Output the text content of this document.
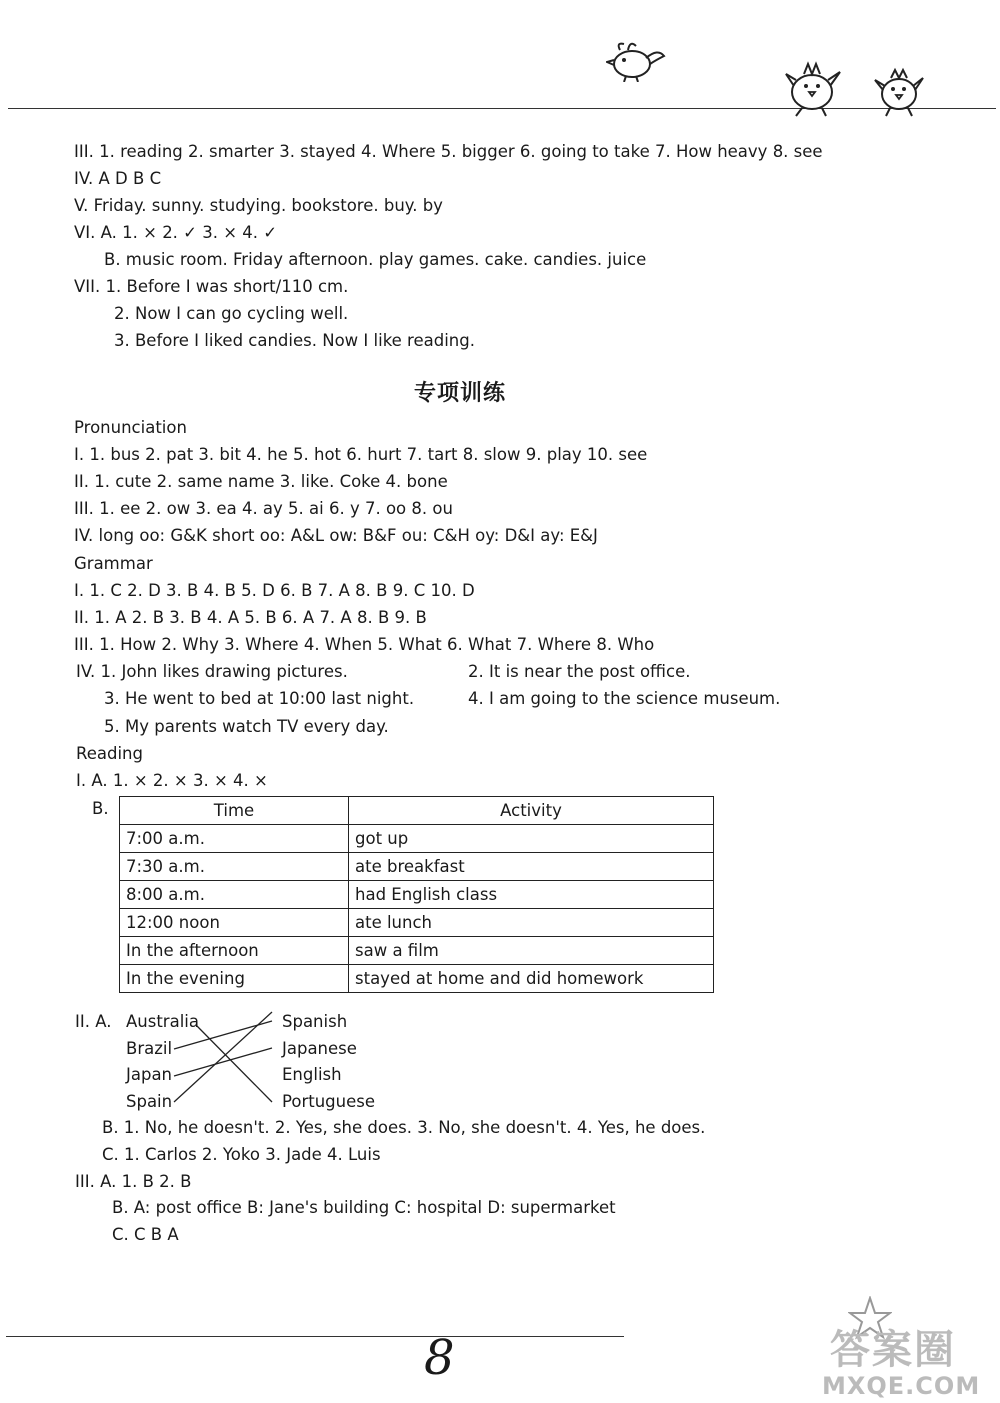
III. 1. reading 2. smarter 3. stayed 4. Where 5. bigger 6. going to take 7. How heavy 8. see
IV. A D B C
V. Friday. sunny. studying. bookstore. buy. by
VI. A. 1. × 2. ✓ 3. × 4. ✓
B. music room. Friday afternoon. play games. cake. candies. juice
VII. 1. Before I was short/110 cm.
2. Now I can go cycling well.
3. Before I liked candies. Now I like reading.
专项训练
Pronunciation
I. 1. bus 2. pat 3. bit 4. he 5. hot 6. hurt 7. tart 8. slow 9. play 10. see
II. 1. cute 2. same name 3. like. Coke 4. bone
III. 1. ee 2. ow 3. ea 4. ay 5. ai 6. y 7. oo 8. ou
IV. long oo: G&K short oo: A&L ow: B&F ou: C&H oy: D&I ay: E&J
Grammar
I. 1. C 2. D 3. B 4. B 5. D 6. B 7. A 8. B 9. C 10. D
II. 1. A 2. B 3. B 4. A 5. B 6. A 7. A 8. B 9. B
III. 1. How 2. Why 3. Where 4. When 5. What 6. What 7. Where 8. Who
IV. 1. John likes drawing pictures.	2. It is near the post office.
3. He went to bed at 10:00 last night.	4. I am going to the science museum.
5. My parents watch TV every day.
Reading
I. A. 1. × 2. × 3. × 4. ×
B.	Time	Activity
7:00 a.m.	got up
7:30 a.m.	ate breakfast
8:00 a.m.	had English class
12:00 noon	ate lunch
In the afternoon	saw a film
In the evening	stayed at home and did homework
II. A. Australia
Brazil
Japan
Spain
Spanish
Japanese
English
Portuguese
B. 1. No, he doesn't. 2. Yes, she does. 3. No, she doesn't. 4. Yes, he does.
C. 1. Carlos 2. Yoko 3. Jade 4. Luis
III. A. 1. B 2. B
B. A: post office B: Jane's building C: hospital D: supermarket
C. C B A
8	答案圈
MXQE.COM
